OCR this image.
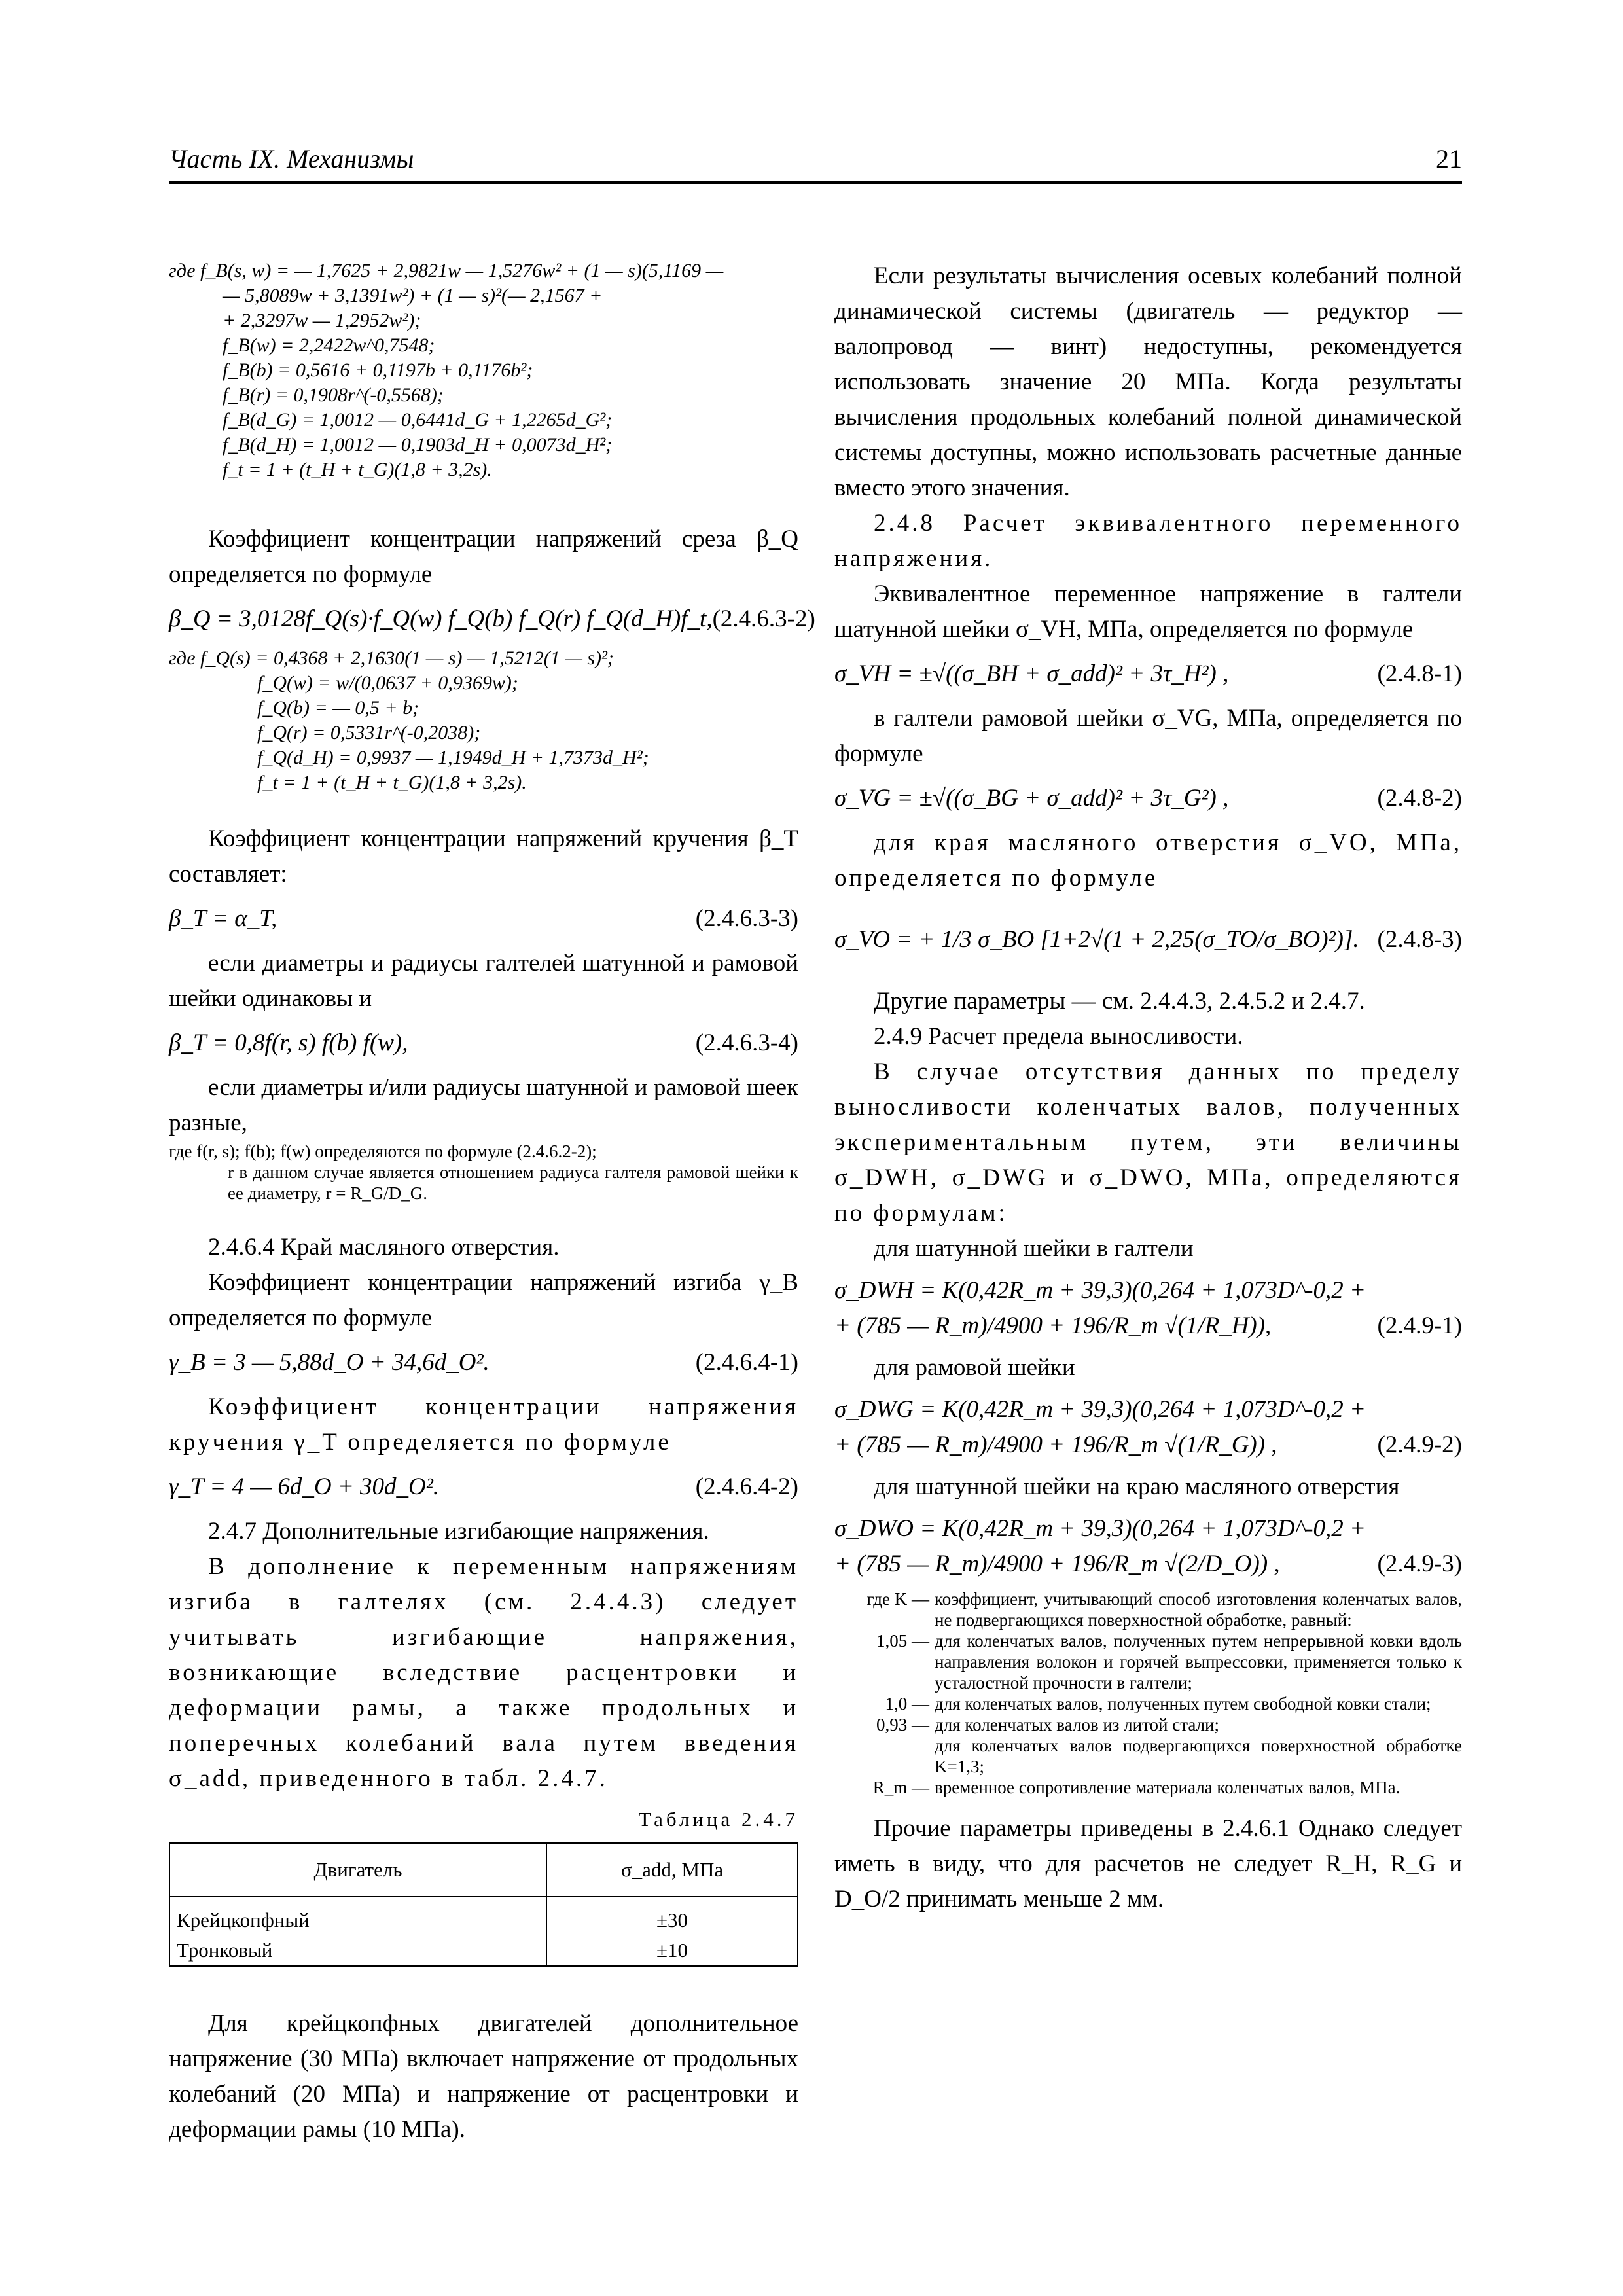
Часть IX. Механизмы	21
где f_B(s, w) = — 1,7625 + 2,9821w — 1,5276w² + (1 — s)(5,1169 —
— 5,8089w + 3,1391w²) + (1 — s)²(— 2,1567 +
+ 2,3297w — 1,2952w²);
f_B(w) = 2,2422w^0,7548;
f_B(b) = 0,5616 + 0,1197b + 0,1176b²;
f_B(r) = 0,1908r^(-0,5568);
f_B(d_G) = 1,0012 — 0,6441d_G + 1,2265d_G²;
f_B(d_H) = 1,0012 — 0,1903d_H + 0,0073d_H²;
f_t = 1 + (t_H + t_G)(1,8 + 3,2s).

Коэффициент концентрации напряжений среза β_Q определяется по формуле

β_Q = 3,0128f_Q(s)·f_Q(w) f_Q(b) f_Q(r) f_Q(d_H)f_t, (2.4.6.3-2)
где f_Q(s) = 0,4368 + 2,1630(1 — s) — 1,5212(1 — s)²;
f_Q(w) = w/(0,0637 + 0,9369w);
f_Q(b) = — 0,5 + b;
f_Q(r) = 0,5331r^(-0,2038);
f_Q(d_H) = 0,9937 — 1,1949d_H + 1,7373d_H²;
f_t = 1 + (t_H + t_G)(1,8 + 3,2s).

Коэффициент концентрации напряжений кручения β_T составляет:

β_T = α_T,	(2.4.6.3-3)

если диаметры и радиусы галтелей шатунной и рамовой шейки одинаковы и

β_T = 0,8f(r, s) f(b) f(w),	(2.4.6.3-4)

если диаметры и/или радиусы шатунной и рамовой шеек разные,

где f(r, s); f(b); f(w) определяются по формуле (2.4.6.2-2);

r в данном случае является отношением радиуса галтеля рамовой шейки к ее диаметру, r = R_G/D_G.

2.4.6.4 Край масляного отверстия.

Коэффициент концентрации напряжений изгиба γ_B определяется по формуле

γ_B = 3 — 5,88d_O + 34,6d_O².	(2.4.6.4-1)

Коэффициент концентрации напряжения кручения γ_T определяется по формуле

γ_T = 4 — 6d_O + 30d_O².	(2.4.6.4-2)

2.4.7 Дополнительные изгибающие напряжения.

В дополнение к переменным напряжениям изгиба в галтелях (см. 2.4.4.3) следует учитывать изгибающие напряжения, возникающие вследствие расцентровки и деформации рамы, а также продольных и поперечных колебаний вала путем введения σ_add, приведенного в табл. 2.4.7.

Таблица 2.4.7
Двигатель	σ_add, МПа
Крейцкопфный	±30
Тронковый	±10

Для крейцкопфных двигателей дополнительное напряжение (30 МПа) включает напряжение от продольных колебаний (20 МПа) и напряжение от расцентровки и деформации рамы (10 МПа).

Если результаты вычисления осевых колебаний полной динамической системы (двигатель — редуктор — валопровод — винт) недоступны, рекомендуется использовать значение 20 МПа. Когда результаты вычисления продольных колебаний полной динамической системы доступны, можно использовать расчетные данные вместо этого значения.

2.4.8 Расчет эквивалентного переменного напряжения.

Эквивалентное переменное напряжение в галтели шатунной шейки σ_VH, МПа, определяется по формуле

σ_VH = ±√((σ_BH + σ_add)² + 3τ_H²) ,	(2.4.8-1)

в галтели рамовой шейки σ_VG, МПа, определяется по формуле

σ_VG = ±√((σ_BG + σ_add)² + 3τ_G²) ,	(2.4.8-2)

для края масляного отверстия σ_VO, МПа, определяется по формуле

σ_VO = + 1/3 σ_BO [1+2√(1 + 2,25(σ_TO/σ_BO)²)]. (2.4.8-3)

Другие параметры — см. 2.4.4.3, 2.4.5.2 и 2.4.7.

2.4.9 Расчет предела выносливости.

В случае отсутствия данных по пределу выносливости коленчатых валов, полученных экспериментальным путем, эти величины σ_DWH, σ_DWG и σ_DWO, МПа, определяются по формулам:

для шатунной шейки в галтели

σ_DWH = K(0,42R_m + 39,3)(0,264 + 1,073D^-0,2 +
+ (785 — R_m)/4900 + 196/R_m √(1/R_H)),	(2.4.9-1)

для рамовой шейки

σ_DWG = K(0,42R_m + 39,3)(0,264 + 1,073D^-0,2 +
+ (785 — R_m)/4900 + 196/R_m √(1/R_G)) ,	(2.4.9-2)

для шатунной шейки на краю масляного отверстия

σ_DWO = K(0,42R_m + 39,3)(0,264 + 1,073D^-0,2 +
+ (785 — R_m)/4900 + 196/R_m √(2/D_O)) ,	(2.4.9-3)
где K — коэффициент, учитывающий способ изготовления коленчатых валов, не подвергающихся поверхностной обработке, равный:
1,05 — для коленчатых валов, полученных путем непрерывной ковки вдоль направления волокон и горячей выпрессовки, применяется только к усталостной прочности в галтели;
1,0 — для коленчатых валов, полученных путем свободной ковки стали;
0,93 — для коленчатых валов из литой стали;
для коленчатых валов подвергающихся поверхностной обработке K=1,3;
R_m — временное сопротивление материала коленчатых валов, МПа.

Прочие параметры приведены в 2.4.6.1 Однако следует иметь в виду, что для расчетов не следует R_H, R_G и D_O/2 принимать меньше 2 мм.
